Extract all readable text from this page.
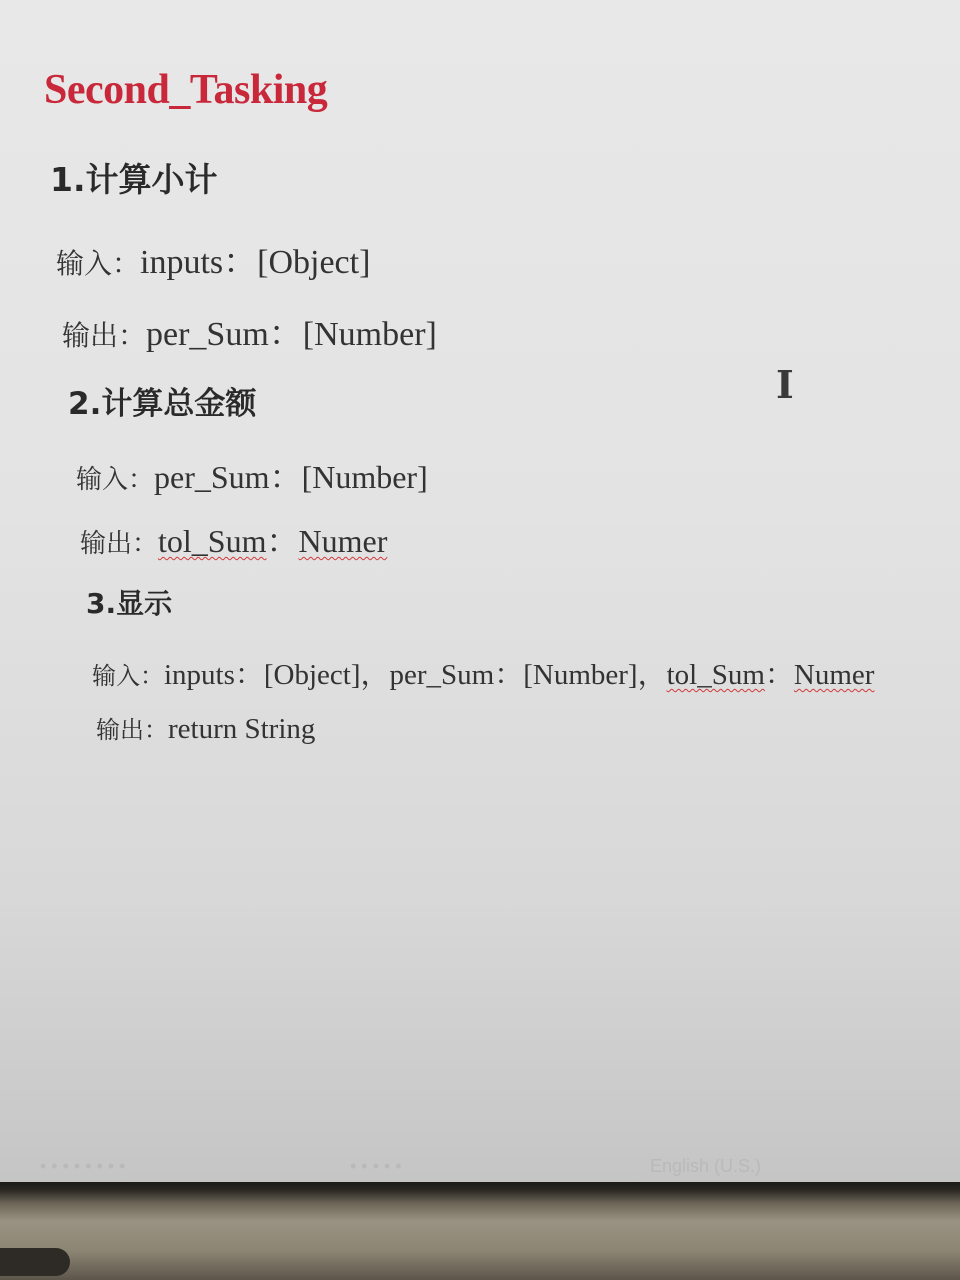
Second_Tasking
1.计算小计

输入：inputs：[Object]

输出：per_Sum：[Number]

2.计算总金额

输入：per_Sum：[Number]

输出：tol_Sum：Numer

3.显示

输入：inputs：[Object]，per_Sum：[Number]，tol_Sum：Numer

输出：return String

I
• • • • • • • •	• • • • •	English (U.S.)
